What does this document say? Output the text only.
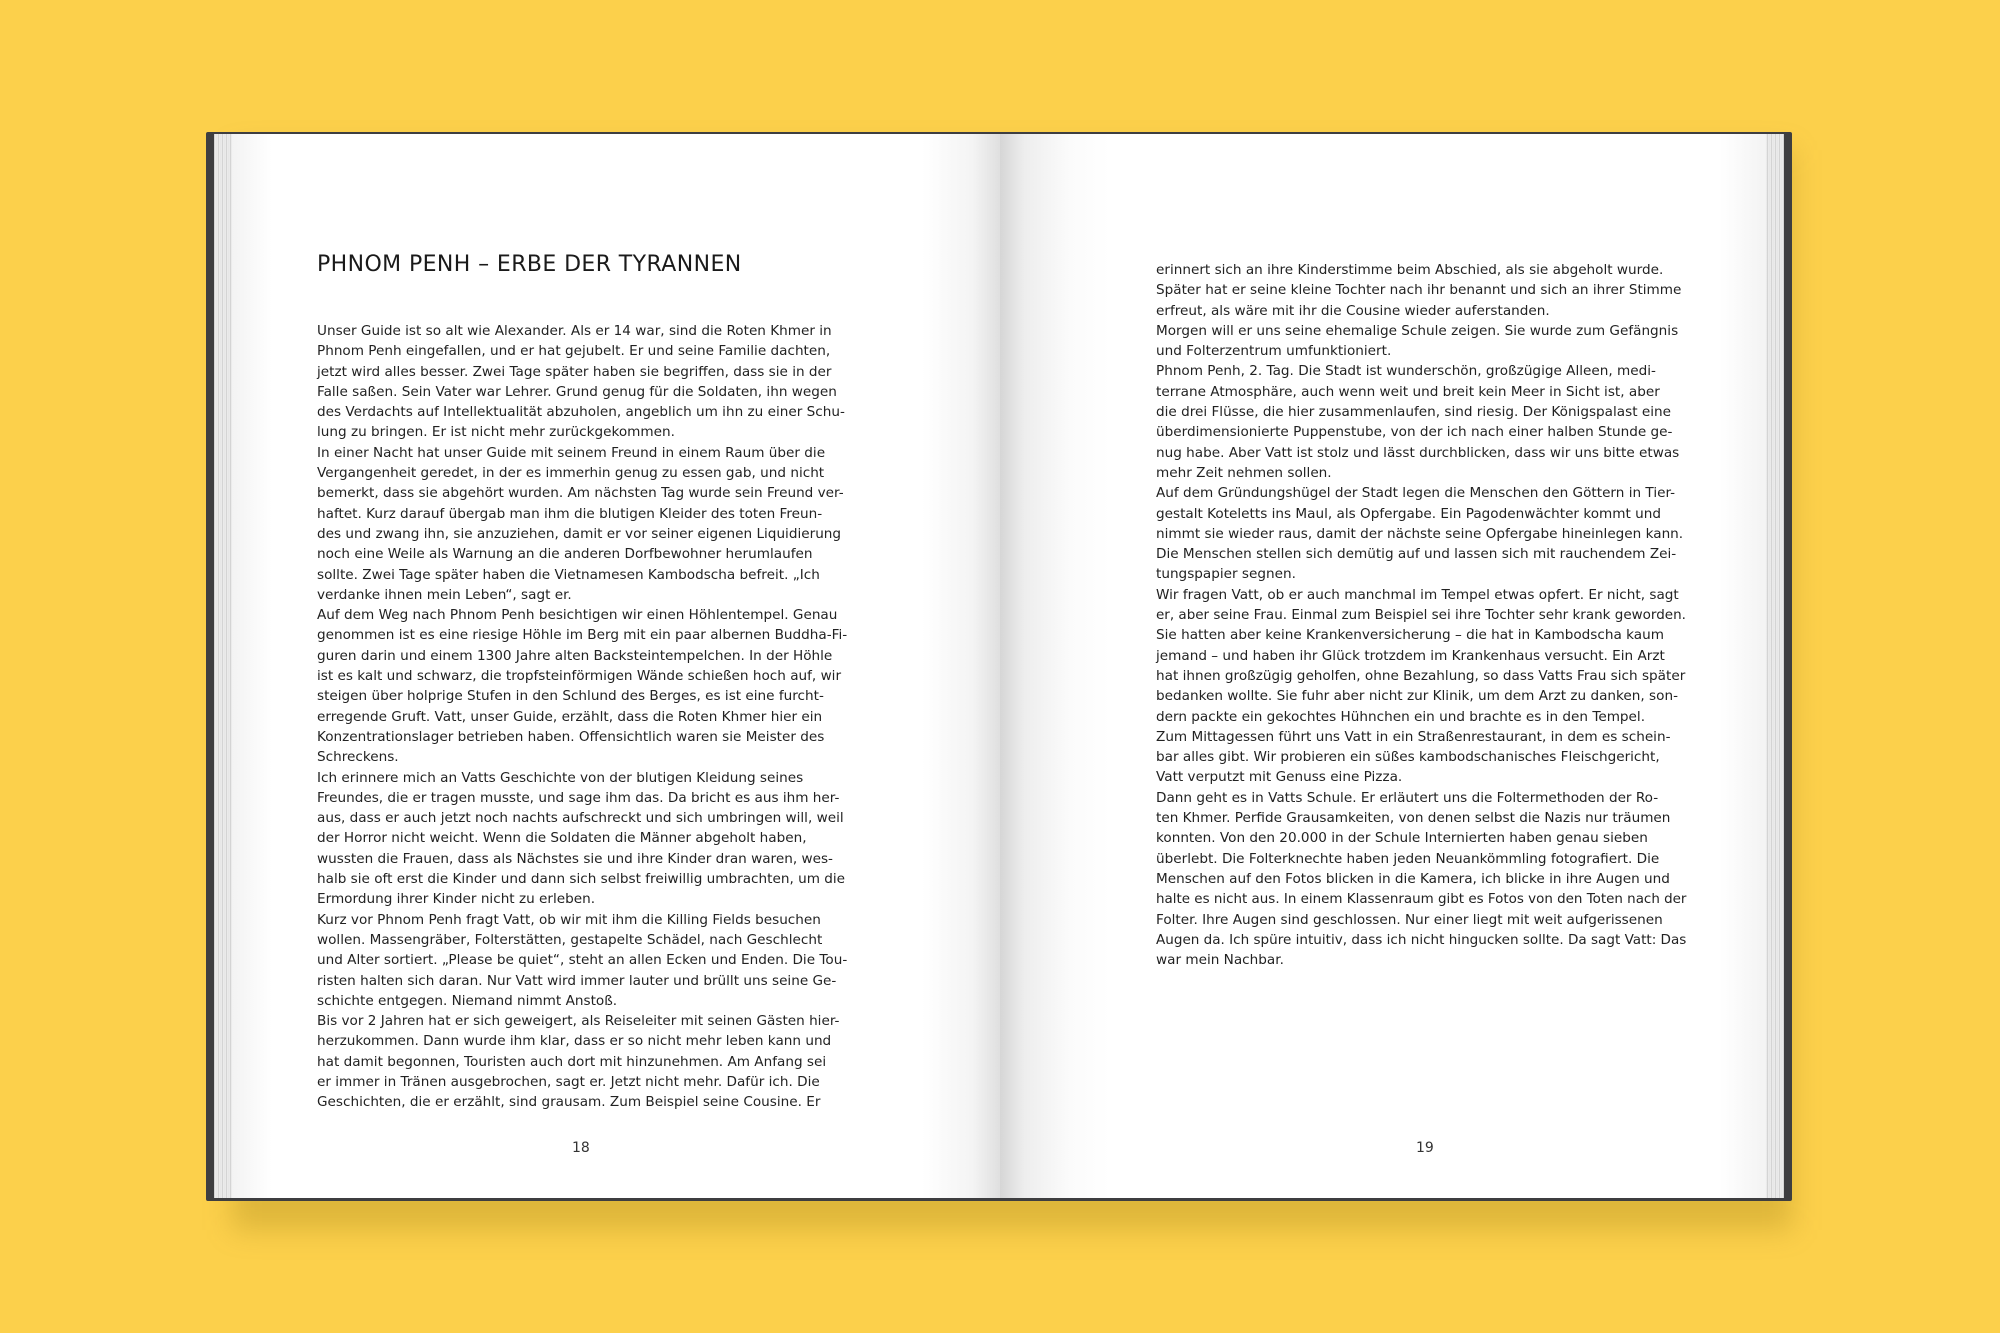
PHNOM PENH – ERBE DER TYRANNEN
Unser Guide ist so alt wie Alexander. Als er 14 war, sind die Roten Khmer in
Phnom Penh eingefallen, und er hat gejubelt. Er und seine Familie dachten,
jetzt wird alles besser. Zwei Tage später haben sie begriffen, dass sie in der
Falle saßen. Sein Vater war Lehrer. Grund genug für die Soldaten, ihn wegen
des Verdachts auf Intellektualität abzuholen, angeblich um ihn zu einer Schu-
lung zu bringen. Er ist nicht mehr zurückgekommen.
In einer Nacht hat unser Guide mit seinem Freund in einem Raum über die
Vergangenheit geredet, in der es immerhin genug zu essen gab, und nicht
bemerkt, dass sie abgehört wurden. Am nächsten Tag wurde sein Freund ver-
haftet. Kurz darauf übergab man ihm die blutigen Kleider des toten Freun-
des und zwang ihn, sie anzuziehen, damit er vor seiner eigenen Liquidierung
noch eine Weile als Warnung an die anderen Dorfbewohner herumlaufen
sollte. Zwei Tage später haben die Vietnamesen Kambodscha befreit. „Ich
verdanke ihnen mein Leben“, sagt er.
Auf dem Weg nach Phnom Penh besichtigen wir einen Höhlentempel. Genau
genommen ist es eine riesige Höhle im Berg mit ein paar albernen Buddha-Fi-
guren darin und einem 1300 Jahre alten Backsteintempelchen. In der Höhle
ist es kalt und schwarz, die tropfsteinförmigen Wände schießen hoch auf, wir
steigen über holprige Stufen in den Schlund des Berges, es ist eine furcht-
erregende Gruft. Vatt, unser Guide, erzählt, dass die Roten Khmer hier ein
Konzentrationslager betrieben haben. Offensichtlich waren sie Meister des
Schreckens.
Ich erinnere mich an Vatts Geschichte von der blutigen Kleidung seines
Freundes, die er tragen musste, und sage ihm das. Da bricht es aus ihm her-
aus, dass er auch jetzt noch nachts aufschreckt und sich umbringen will, weil
der Horror nicht weicht. Wenn die Soldaten die Männer abgeholt haben,
wussten die Frauen, dass als Nächstes sie und ihre Kinder dran waren, wes-
halb sie oft erst die Kinder und dann sich selbst freiwillig umbrachten, um die
Ermordung ihrer Kinder nicht zu erleben.
Kurz vor Phnom Penh fragt Vatt, ob wir mit ihm die Killing Fields besuchen
wollen. Massengräber, Folterstätten, gestapelte Schädel, nach Geschlecht
und Alter sortiert. „Please be quiet“, steht an allen Ecken und Enden. Die Tou-
risten halten sich daran. Nur Vatt wird immer lauter und brüllt uns seine Ge-
schichte entgegen. Niemand nimmt Anstoß.
Bis vor 2 Jahren hat er sich geweigert, als Reiseleiter mit seinen Gästen hier-
herzukommen. Dann wurde ihm klar, dass er so nicht mehr leben kann und
hat damit begonnen, Touristen auch dort mit hinzunehmen. Am Anfang sei
er immer in Tränen ausgebrochen, sagt er. Jetzt nicht mehr. Dafür ich. Die
Geschichten, die er erzählt, sind grausam. Zum Beispiel seine Cousine. Er
erinnert sich an ihre Kinderstimme beim Abschied, als sie abgeholt wurde.
Später hat er seine kleine Tochter nach ihr benannt und sich an ihrer Stimme
erfreut, als wäre mit ihr die Cousine wieder auferstanden.
Morgen will er uns seine ehemalige Schule zeigen. Sie wurde zum Gefängnis
und Folterzentrum umfunktioniert.
Phnom Penh, 2. Tag. Die Stadt ist wunderschön, großzügige Alleen, medi-
terrane Atmosphäre, auch wenn weit und breit kein Meer in Sicht ist, aber
die drei Flüsse, die hier zusammenlaufen, sind riesig. Der Königspalast eine
überdimensionierte Puppenstube, von der ich nach einer halben Stunde ge-
nug habe. Aber Vatt ist stolz und lässt durchblicken, dass wir uns bitte etwas
mehr Zeit nehmen sollen.
Auf dem Gründungshügel der Stadt legen die Menschen den Göttern in Tier-
gestalt Koteletts ins Maul, als Opfergabe. Ein Pagodenwächter kommt und
nimmt sie wieder raus, damit der nächste seine Opfergabe hineinlegen kann.
Die Menschen stellen sich demütig auf und lassen sich mit rauchendem Zei-
tungspapier segnen.
Wir fragen Vatt, ob er auch manchmal im Tempel etwas opfert. Er nicht, sagt
er, aber seine Frau. Einmal zum Beispiel sei ihre Tochter sehr krank geworden.
Sie hatten aber keine Krankenversicherung – die hat in Kambodscha kaum
jemand – und haben ihr Glück trotzdem im Krankenhaus versucht. Ein Arzt
hat ihnen großzügig geholfen, ohne Bezahlung, so dass Vatts Frau sich später
bedanken wollte. Sie fuhr aber nicht zur Klinik, um dem Arzt zu danken, son-
dern packte ein gekochtes Hühnchen ein und brachte es in den Tempel.
Zum Mittagessen führt uns Vatt in ein Straßenrestaurant, in dem es schein-
bar alles gibt. Wir probieren ein süßes kambodschanisches Fleischgericht,
Vatt verputzt mit Genuss eine Pizza.
Dann geht es in Vatts Schule. Er erläutert uns die Foltermethoden der Ro-
ten Khmer. Perfide Grausamkeiten, von denen selbst die Nazis nur träumen
konnten. Von den 20.000 in der Schule Internierten haben genau sieben
überlebt. Die Folterknechte haben jeden Neuankömmling fotografiert. Die
Menschen auf den Fotos blicken in die Kamera, ich blicke in ihre Augen und
halte es nicht aus. In einem Klassenraum gibt es Fotos von den Toten nach der
Folter. Ihre Augen sind geschlossen. Nur einer liegt mit weit aufgerissenen
Augen da. Ich spüre intuitiv, dass ich nicht hingucken sollte. Da sagt Vatt: Das
war mein Nachbar.
18	19
